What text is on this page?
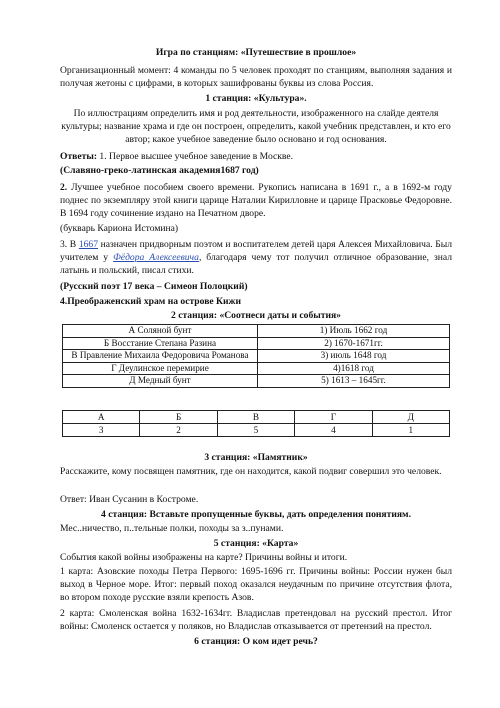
Игра по станциям: «Путешествие в прошлое»

Организационный момент: 4 команды по 5 человек проходят по станциям, выполняя задания и получая жетоны с цифрами, в которых зашифрованы буквы из слова Россия.

1 станция: «Культура».

По иллюстрациям определить имя и род деятельности, изображенного на слайде деятеля культуры; название храма и где он построен, определить, какой учебник представлен, и кто его автор; какое учебное заведение было основано и год основания.

Ответы: 1. Первое высшее учебное заведение в Москве.

(Славяно-греко-латинская академия1687 год)

2. Лучшее учебное пособием своего времени. Рукопись написана в 1691 г., а в 1692-м году поднес по экземпляру этой книги царице Наталии Кирилловне и царице Прасковье Федоровне. В 1694 году сочинение издано на Печатном дворе.

(букварь Кариона Истомина)

3. В 1667 назначен придворным поэтом и воспитателем детей царя Алексея Михайловича. Был учителем у Фёдора Алексеевича, благодаря чему тот получил отличное образование, знал латынь и польский, писал стихи.

(Русский поэт 17 века – Симеон Полоцкий)

4.Преображенский храм на острове Кижи

2 станция: «Соотнеси даты и события»

А Соляной бунт	1) Июль 1662 год
Б Восстание Степана Разина	2) 1670-1671гг.
В Правление Михаила Федоровича Романова	3) июль 1648 год
Г Деулинское перемирие	4)1618 год
Д Медный бунт	5) 1613 – 1645гг.
А	Б	В	Г	Д
3	2	5	4	1

3 станция: «Памятник»

Расскажите, кому посвящен памятник, где он находится, какой подвиг совершил это человек.

Ответ: Иван Сусанин в Костроме.

4 станция: Вставьте пропущенные буквы, дать определения понятиям.

Мес..ничество, п..тельные полки, походы за з..пунами.

5 станция: «Карта»

События какой войны изображены на карте? Причины войны и итоги.

1 карта: Азовские походы Петра Первого: 1695-1696 гг. Причины войны: России нужен был выход в Черное море. Итог: первый поход оказался неудачным по причине отсутствия флота, во втором походе русские взяли крепость Азов.

2 карта: Смоленская война 1632-1634гг. Владислав претендовал на русский престол. Итог войны: Смоленск остается у поляков, но Владислав отказывается от претензий на престол.

6 станция: О ком идет речь?
